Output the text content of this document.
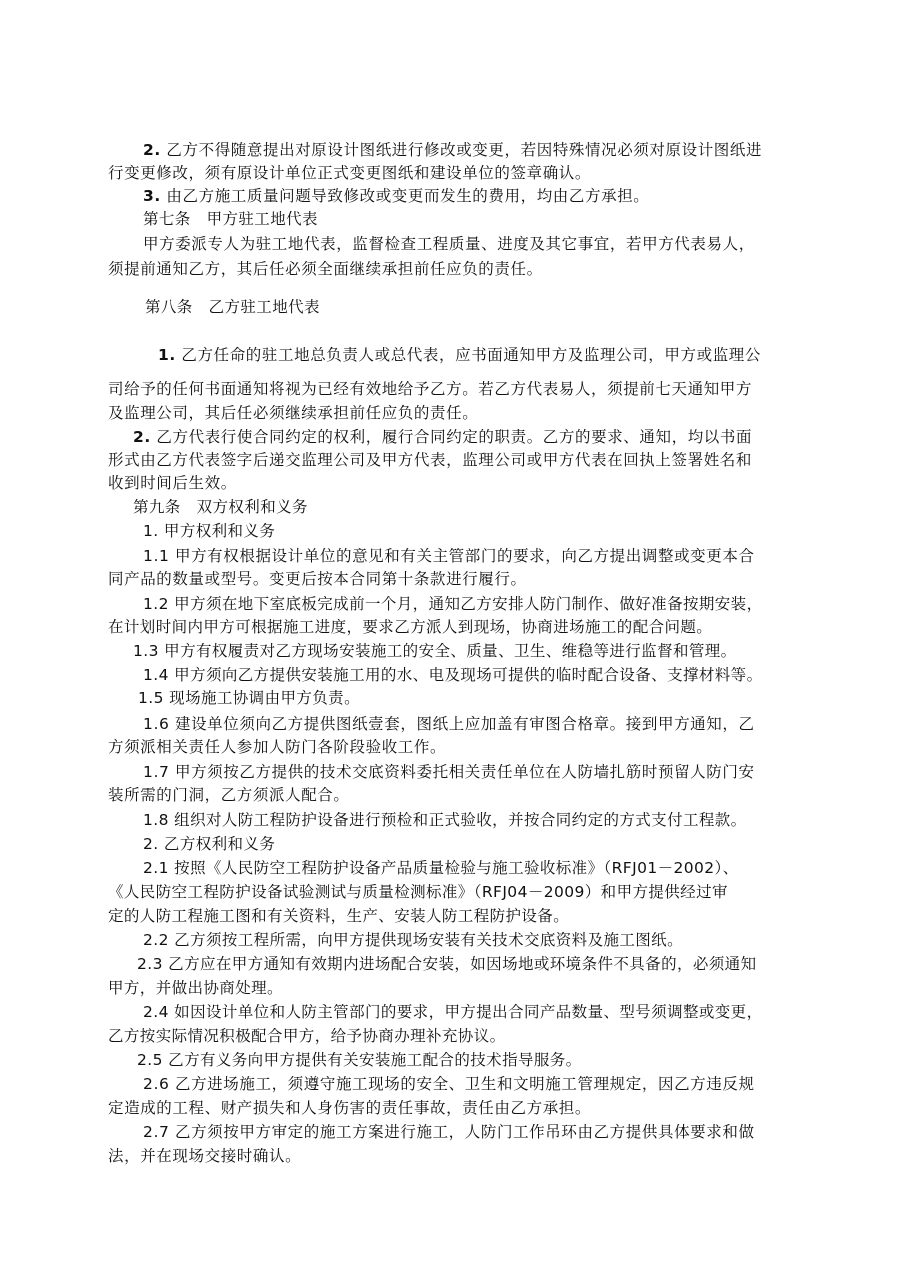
2. 乙方不得随意提出对原设计图纸进行修改或变更，若因特殊情况必须对原设计图纸进
行变更修改，须有原设计单位正式变更图纸和建设单位的签章确认。
3. 由乙方施工质量问题导致修改或变更而发生的费用，均由乙方承担。
第七条　甲方驻工地代表
甲方委派专人为驻工地代表，监督检查工程质量、进度及其它事宜，若甲方代表易人，
须提前通知乙方，其后任必须全面继续承担前任应负的责任。
第八条　乙方驻工地代表
1. 乙方任命的驻工地总负责人或总代表，应书面通知甲方及监理公司，甲方或监理公
司给予的任何书面通知将视为已经有效地给予乙方。若乙方代表易人，须提前七天通知甲方
及监理公司，其后任必须继续承担前任应负的责任。
2. 乙方代表行使合同约定的权利，履行合同约定的职责。乙方的要求、通知，均以书面
形式由乙方代表签字后递交监理公司及甲方代表，监理公司或甲方代表在回执上签署姓名和
收到时间后生效。
第九条　双方权利和义务
1. 甲方权利和义务
1.1 甲方有权根据设计单位的意见和有关主管部门的要求，向乙方提出调整或变更本合
同产品的数量或型号。变更后按本合同第十条款进行履行。
1.2 甲方须在地下室底板完成前一个月，通知乙方安排人防门制作、做好准备按期安装，
在计划时间内甲方可根据施工进度，要求乙方派人到现场，协商进场施工的配合问题。
1.3 甲方有权履责对乙方现场安装施工的安全、质量、卫生、维稳等进行监督和管理。
1.4 甲方须向乙方提供安装施工用的水、电及现场可提供的临时配合设备、支撑材料等。
1.5 现场施工协调由甲方负责。
1.6 建设单位须向乙方提供图纸壹套，图纸上应加盖有审图合格章。接到甲方通知，乙
方须派相关责任人参加人防门各阶段验收工作。
1.7 甲方须按乙方提供的技术交底资料委托相关责任单位在人防墙扎筋时预留人防门安
装所需的门洞，乙方须派人配合。
1.8 组织对人防工程防护设备进行预检和正式验收，并按合同约定的方式支付工程款。
2. 乙方权利和义务
2.1 按照《人民防空工程防护设备产品质量检验与施工验收标准》（RFJ01－2002）、
《人民防空工程防护设备试验测试与质量检测标准》（RFJ04－2009）和甲方提供经过审
定的人防工程施工图和有关资料，生产、安装人防工程防护设备。
2.2 乙方须按工程所需，向甲方提供现场安装有关技术交底资料及施工图纸。
2.3 乙方应在甲方通知有效期内进场配合安装，如因场地或环境条件不具备的，必须通知
甲方，并做出协商处理。
2.4 如因设计单位和人防主管部门的要求，甲方提出合同产品数量、型号须调整或变更，
乙方按实际情况积极配合甲方，给予协商办理补充协议。
2.5 乙方有义务向甲方提供有关安装施工配合的技术指导服务。
2.6 乙方进场施工，须遵守施工现场的安全、卫生和文明施工管理规定，因乙方违反规
定造成的工程、财产损失和人身伤害的责任事故，责任由乙方承担。
2.7 乙方须按甲方审定的施工方案进行施工，人防门工作吊环由乙方提供具体要求和做
法，并在现场交接时确认。
